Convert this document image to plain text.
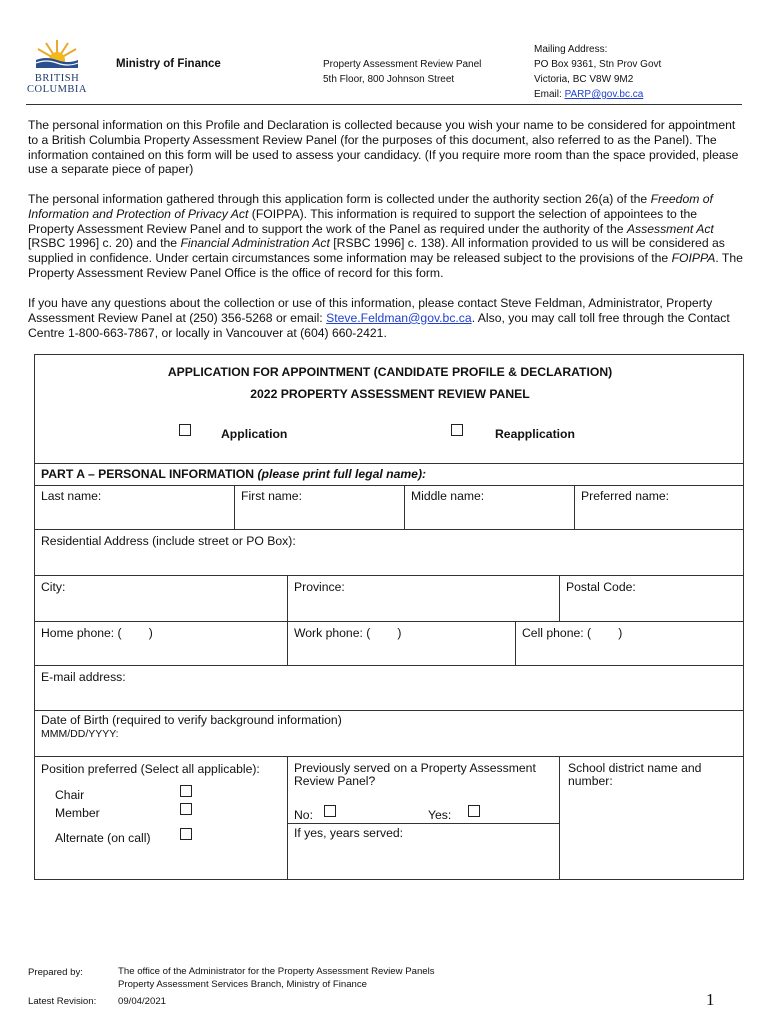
BRITISH
COLUMBIA
Ministry of Finance	Property Assessment Review Panel
5th Floor, 800 Johnson Street
Mailing Address:
PO Box 9361, Stn Prov Govt
Victoria, BC V8W 9M2
Email: PARP@gov.bc.ca
The personal information on this Profile and Declaration is collected because you wish your name to be considered for appointment to a British Columbia Property Assessment Review Panel (for the purposes of this document, also referred to as the Panel). The information contained on this form will be used to assess your candidacy. (If you require more room than the space provided, please use a separate piece of paper)
The personal information gathered through this application form is collected under the authority section 26(a) of the Freedom of Information and Protection of Privacy Act (FOIPPA). This information is required to support the selection of appointees to the Property Assessment Review Panel and to support the work of the Panel as required under the authority of the Assessment Act [RSBC 1996] c. 20) and the Financial Administration Act [RSBC 1996] c. 138). All information provided to us will be considered as supplied in confidence. Under certain circumstances some information may be released subject to the provisions of the FOIPPA. The Property Assessment Review Panel Office is the office of record for this form.
If you have any questions about the collection or use of this information, please contact Steve Feldman, Administrator, Property Assessment Review Panel at (250) 356-5268 or email: Steve.Feldman@gov.bc.ca. Also, you may call toll free through the Contact Centre 1-800-663-7867, or locally in Vancouver at (604) 660-2421.
APPLICATION FOR APPOINTMENT (CANDIDATE PROFILE & DECLARATION)
2022 PROPERTY ASSESSMENT REVIEW PANEL
Application	Reapplication
PART A – PERSONAL INFORMATION (please print full legal name):
Last name:	First name:	Middle name:	Preferred name:
Residential Address (include street or PO Box):
City:	Province:	Postal Code:
Home phone: (        )	Work phone: (        )	Cell phone: (        )
E-mail address:
Date of Birth (required to verify background information)
MMM/DD/YYYY:
Position preferred (Select all applicable):
Chair
Member
Alternate (on call)
Previously served on a Property Assessment Review Panel?
No:	Yes:
If yes, years served:
School district name and number:
Prepared by:	The office of the Administrator for the Property Assessment Review Panels
Property Assessment Services Branch, Ministry of Finance
Latest Revision: 09/04/2021	1
